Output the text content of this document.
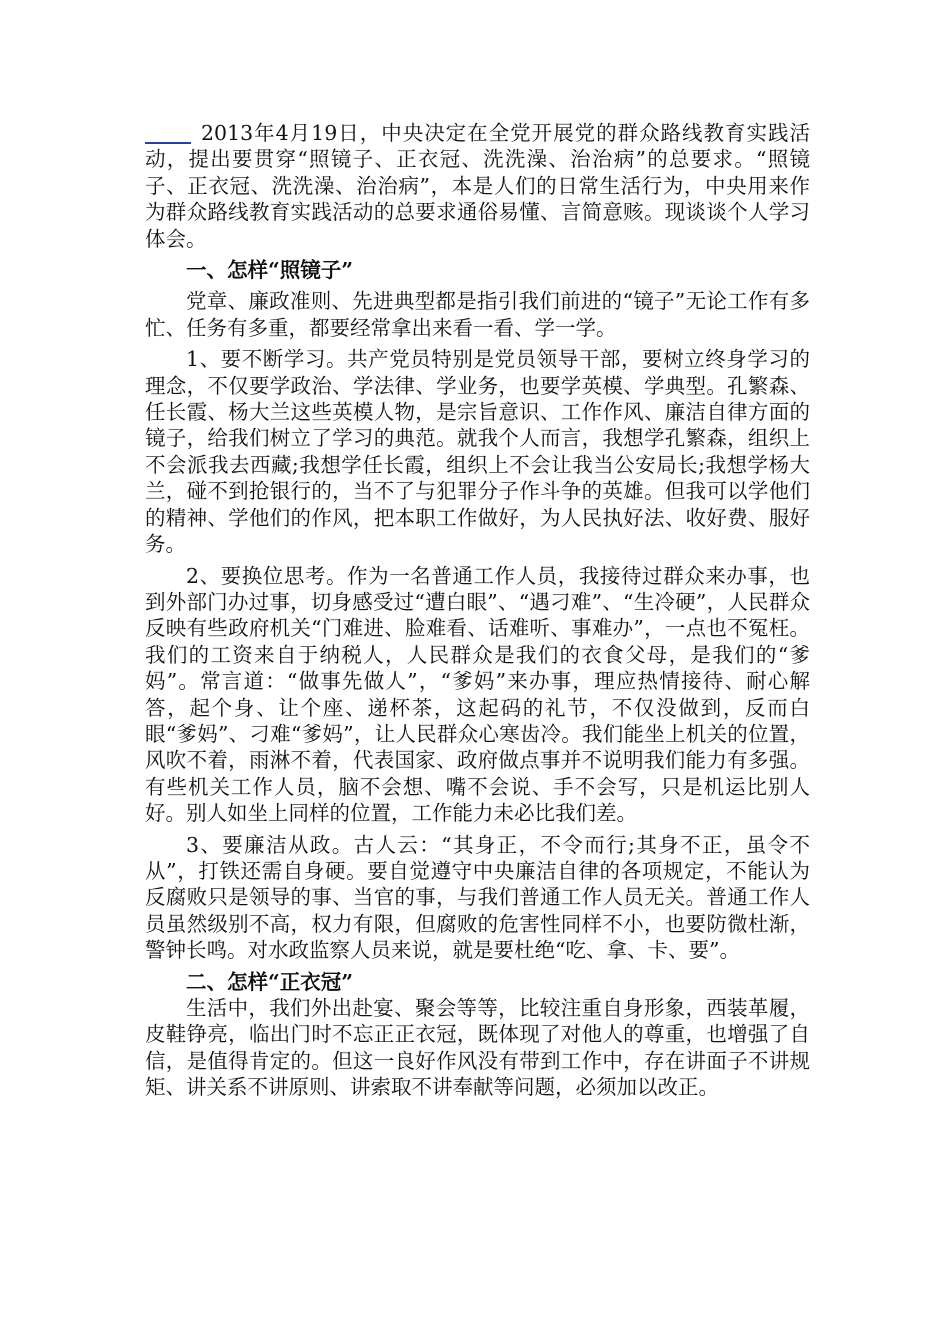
2013年4月19日，中央决定在全党开展党的群众路线教育实践活动，提出要贯穿“照镜子、正衣冠、洗洗澡、治治病”的总要求。“照镜子、正衣冠、洗洗澡、治治病”，本是人们的日常生活行为，中央用来作为群众路线教育实践活动的总要求通俗易懂、言简意赅。现谈谈个人学习体会。

一、怎样“照镜子”

党章、廉政准则、先进典型都是指引我们前进的“镜子”无论工作有多忙、任务有多重，都要经常拿出来看一看、学一学。

1、要不断学习。共产党员特别是党员领导干部，要树立终身学习的理念，不仅要学政治、学法律、学业务，也要学英模、学典型。孔繁森、任长霞、杨大兰这些英模人物，是宗旨意识、工作作风、廉洁自律方面的镜子，给我们树立了学习的典范。就我个人而言，我想学孔繁森，组织上不会派我去西藏;我想学任长霞，组织上不会让我当公安局长;我想学杨大兰，碰不到抢银行的，当不了与犯罪分子作斗争的英雄。但我可以学他们的精神、学他们的作风，把本职工作做好，为人民执好法、收好费、服好务。

2、要换位思考。作为一名普通工作人员，我接待过群众来办事，也到外部门办过事，切身感受过“遭白眼”、“遇刁难”、“生冷硬”，人民群众反映有些政府机关“门难进、脸难看、话难听、事难办”，一点也不冤枉。我们的工资来自于纳税人，人民群众是我们的衣食父母，是我们的“爹妈”。常言道：“做事先做人”，“爹妈”来办事，理应热情接待、耐心解答，起个身、让个座、递杯茶，这起码的礼节，不仅没做到，反而白眼“爹妈”、刁难“爹妈”，让人民群众心寒齿冷。我们能坐上机关的位置，风吹不着，雨淋不着，代表国家、政府做点事并不说明我们能力有多强。有些机关工作人员，脑不会想、嘴不会说、手不会写，只是机运比别人好。别人如坐上同样的位置，工作能力未必比我们差。

3、要廉洁从政。古人云：“其身正，不令而行;其身不正，虽令不从”，打铁还需自身硬。要自觉遵守中央廉洁自律的各项规定，不能认为反腐败只是领导的事、当官的事，与我们普通工作人员无关。普通工作人员虽然级别不高，权力有限，但腐败的危害性同样不小，也要防微杜渐，警钟长鸣。对水政监察人员来说，就是要杜绝“吃、拿、卡、要”。

二、怎样“正衣冠”

生活中，我们外出赴宴、聚会等等，比较注重自身形象，西装革履，皮鞋铮亮，临出门时不忘正正衣冠，既体现了对他人的尊重，也增强了自信，是值得肯定的。但这一良好作风没有带到工作中，存在讲面子不讲规矩、讲关系不讲原则、讲索取不讲奉献等问题，必须加以改正。
